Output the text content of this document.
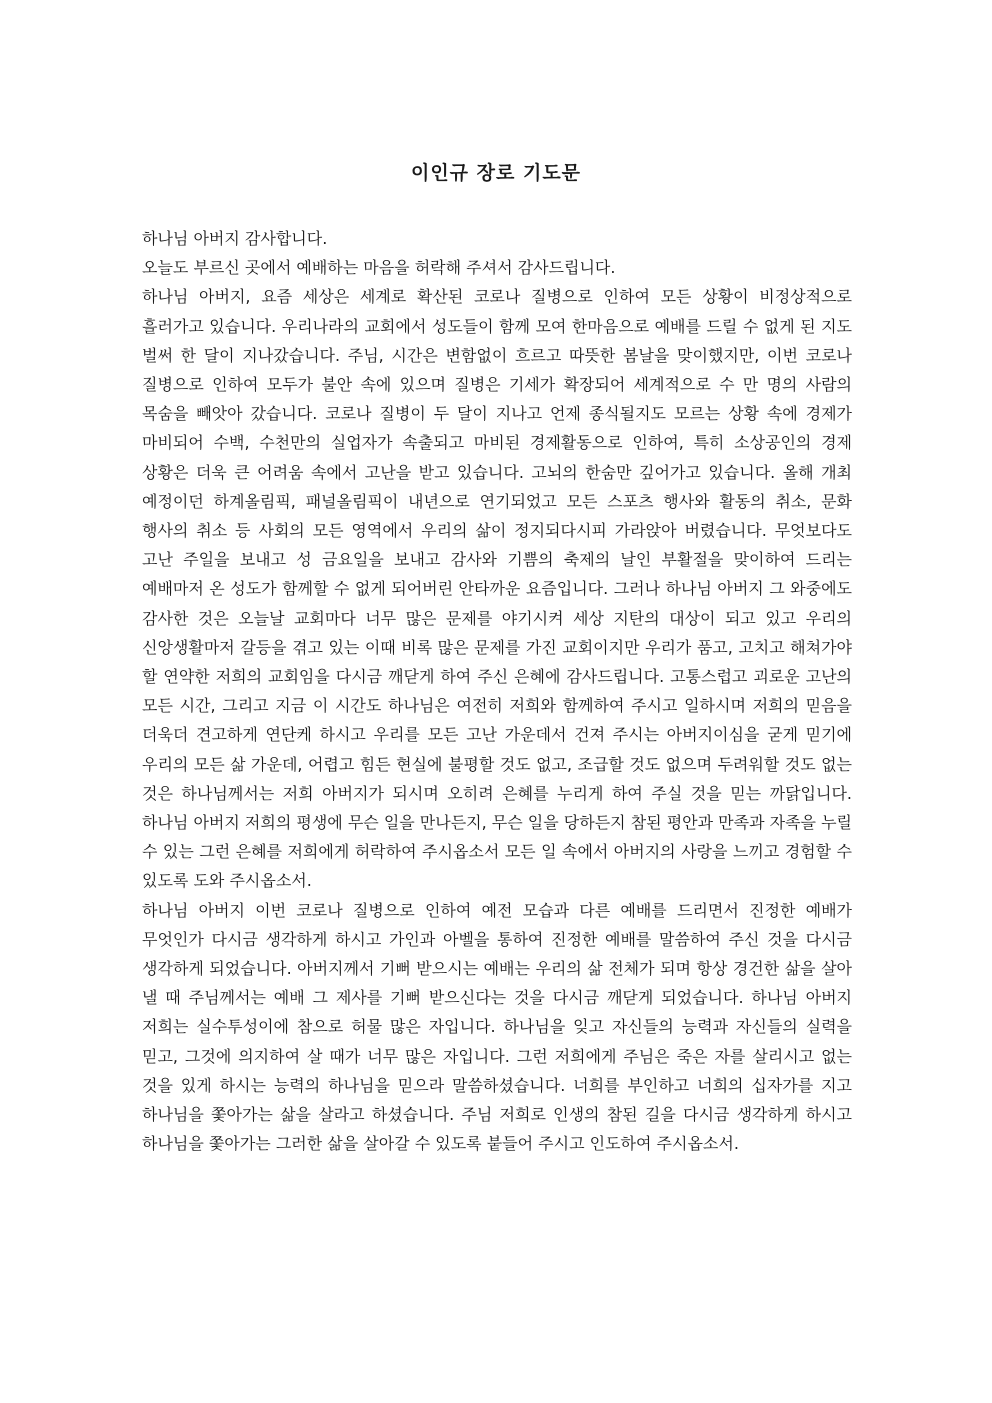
이인규 장로 기도문

하나님 아버지 감사합니다.

오늘도 부르신 곳에서 예배하는 마음을 허락해 주셔서 감사드립니다.

하나님 아버지, 요즘 세상은 세계로 확산된 코로나 질병으로 인하여 모든 상황이 비정상적으로 흘러가고 있습니다. 우리나라의 교회에서 성도들이 함께 모여 한마음으로 예배를 드릴 수 없게 된 지도 벌써 한 달이 지나갔습니다. 주님, 시간은 변함없이 흐르고 따뜻한 봄날을 맞이했지만, 이번 코로나 질병으로 인하여 모두가 불안 속에 있으며 질병은 기세가 확장되어 세계적으로 수 만 명의 사람의 목숨을 빼앗아 갔습니다. 코로나 질병이 두 달이 지나고 언제 종식될지도 모르는 상황 속에 경제가 마비되어 수백, 수천만의 실업자가 속출되고 마비된 경제활동으로 인하여, 특히 소상공인의 경제 상황은 더욱 큰 어려움 속에서 고난을 받고 있습니다. 고뇌의 한숨만 깊어가고 있습니다. 올해 개최 예정이던 하계올림픽, 패널올림픽이 내년으로 연기되었고 모든 스포츠 행사와 활동의 취소, 문화 행사의 취소 등 사회의 모든 영역에서 우리의 삶이 정지되다시피 가라앉아 버렸습니다. 무엇보다도 고난 주일을 보내고 성 금요일을 보내고 감사와 기쁨의 축제의 날인 부활절을 맞이하여 드리는 예배마저 온 성도가 함께할 수 없게 되어버린 안타까운 요즘입니다. 그러나 하나님 아버지 그 와중에도 감사한 것은 오늘날 교회마다 너무 많은 문제를 야기시켜 세상 지탄의 대상이 되고 있고 우리의 신앙생활마저 갈등을 겪고 있는 이때 비록 많은 문제를 가진 교회이지만 우리가 품고, 고치고 해쳐가야 할 연약한 저희의 교회임을 다시금 깨닫게 하여 주신 은혜에 감사드립니다. 고통스럽고 괴로운 고난의 모든 시간, 그리고 지금 이 시간도 하나님은 여전히 저희와 함께하여 주시고 일하시며 저희의 믿음을 더욱더 견고하게 연단케 하시고 우리를 모든 고난 가운데서 건져 주시는 아버지이심을 굳게 믿기에 우리의 모든 삶 가운데, 어렵고 힘든 현실에 불평할 것도 없고, 조급할 것도 없으며 두려워할 것도 없는 것은 하나님께서는 저희 아버지가 되시며 오히려 은혜를 누리게 하여 주실 것을 믿는 까닭입니다. 하나님 아버지 저희의 평생에 무슨 일을 만나든지, 무슨 일을 당하든지 참된 평안과 만족과 자족을 누릴 수 있는 그런 은혜를 저희에게 허락하여 주시옵소서 모든 일 속에서 아버지의 사랑을 느끼고 경험할 수 있도록 도와 주시옵소서.

하나님 아버지 이번 코로나 질병으로 인하여 예전 모습과 다른 예배를 드리면서 진정한 예배가 무엇인가 다시금 생각하게 하시고 가인과 아벨을 통하여 진정한 예배를 말씀하여 주신 것을 다시금 생각하게 되었습니다. 아버지께서 기뻐 받으시는 예배는 우리의 삶 전체가 되며 항상 경건한 삶을 살아 낼 때 주님께서는 예배 그 제사를 기뻐 받으신다는 것을 다시금 깨닫게 되었습니다. 하나님 아버지 저희는 실수투성이에 참으로 허물 많은 자입니다. 하나님을 잊고 자신들의 능력과 자신들의 실력을 믿고, 그것에 의지하여 살 때가 너무 많은 자입니다. 그런 저희에게 주님은 죽은 자를 살리시고 없는 것을 있게 하시는 능력의 하나님을 믿으라 말씀하셨습니다. 너희를 부인하고 너희의 십자가를 지고 하나님을 쫓아가는 삶을 살라고 하셨습니다. 주님 저희로 인생의 참된 길을 다시금 생각하게 하시고 하나님을 쫓아가는 그러한 삶을 살아갈 수 있도록 붙들어 주시고 인도하여 주시옵소서.
